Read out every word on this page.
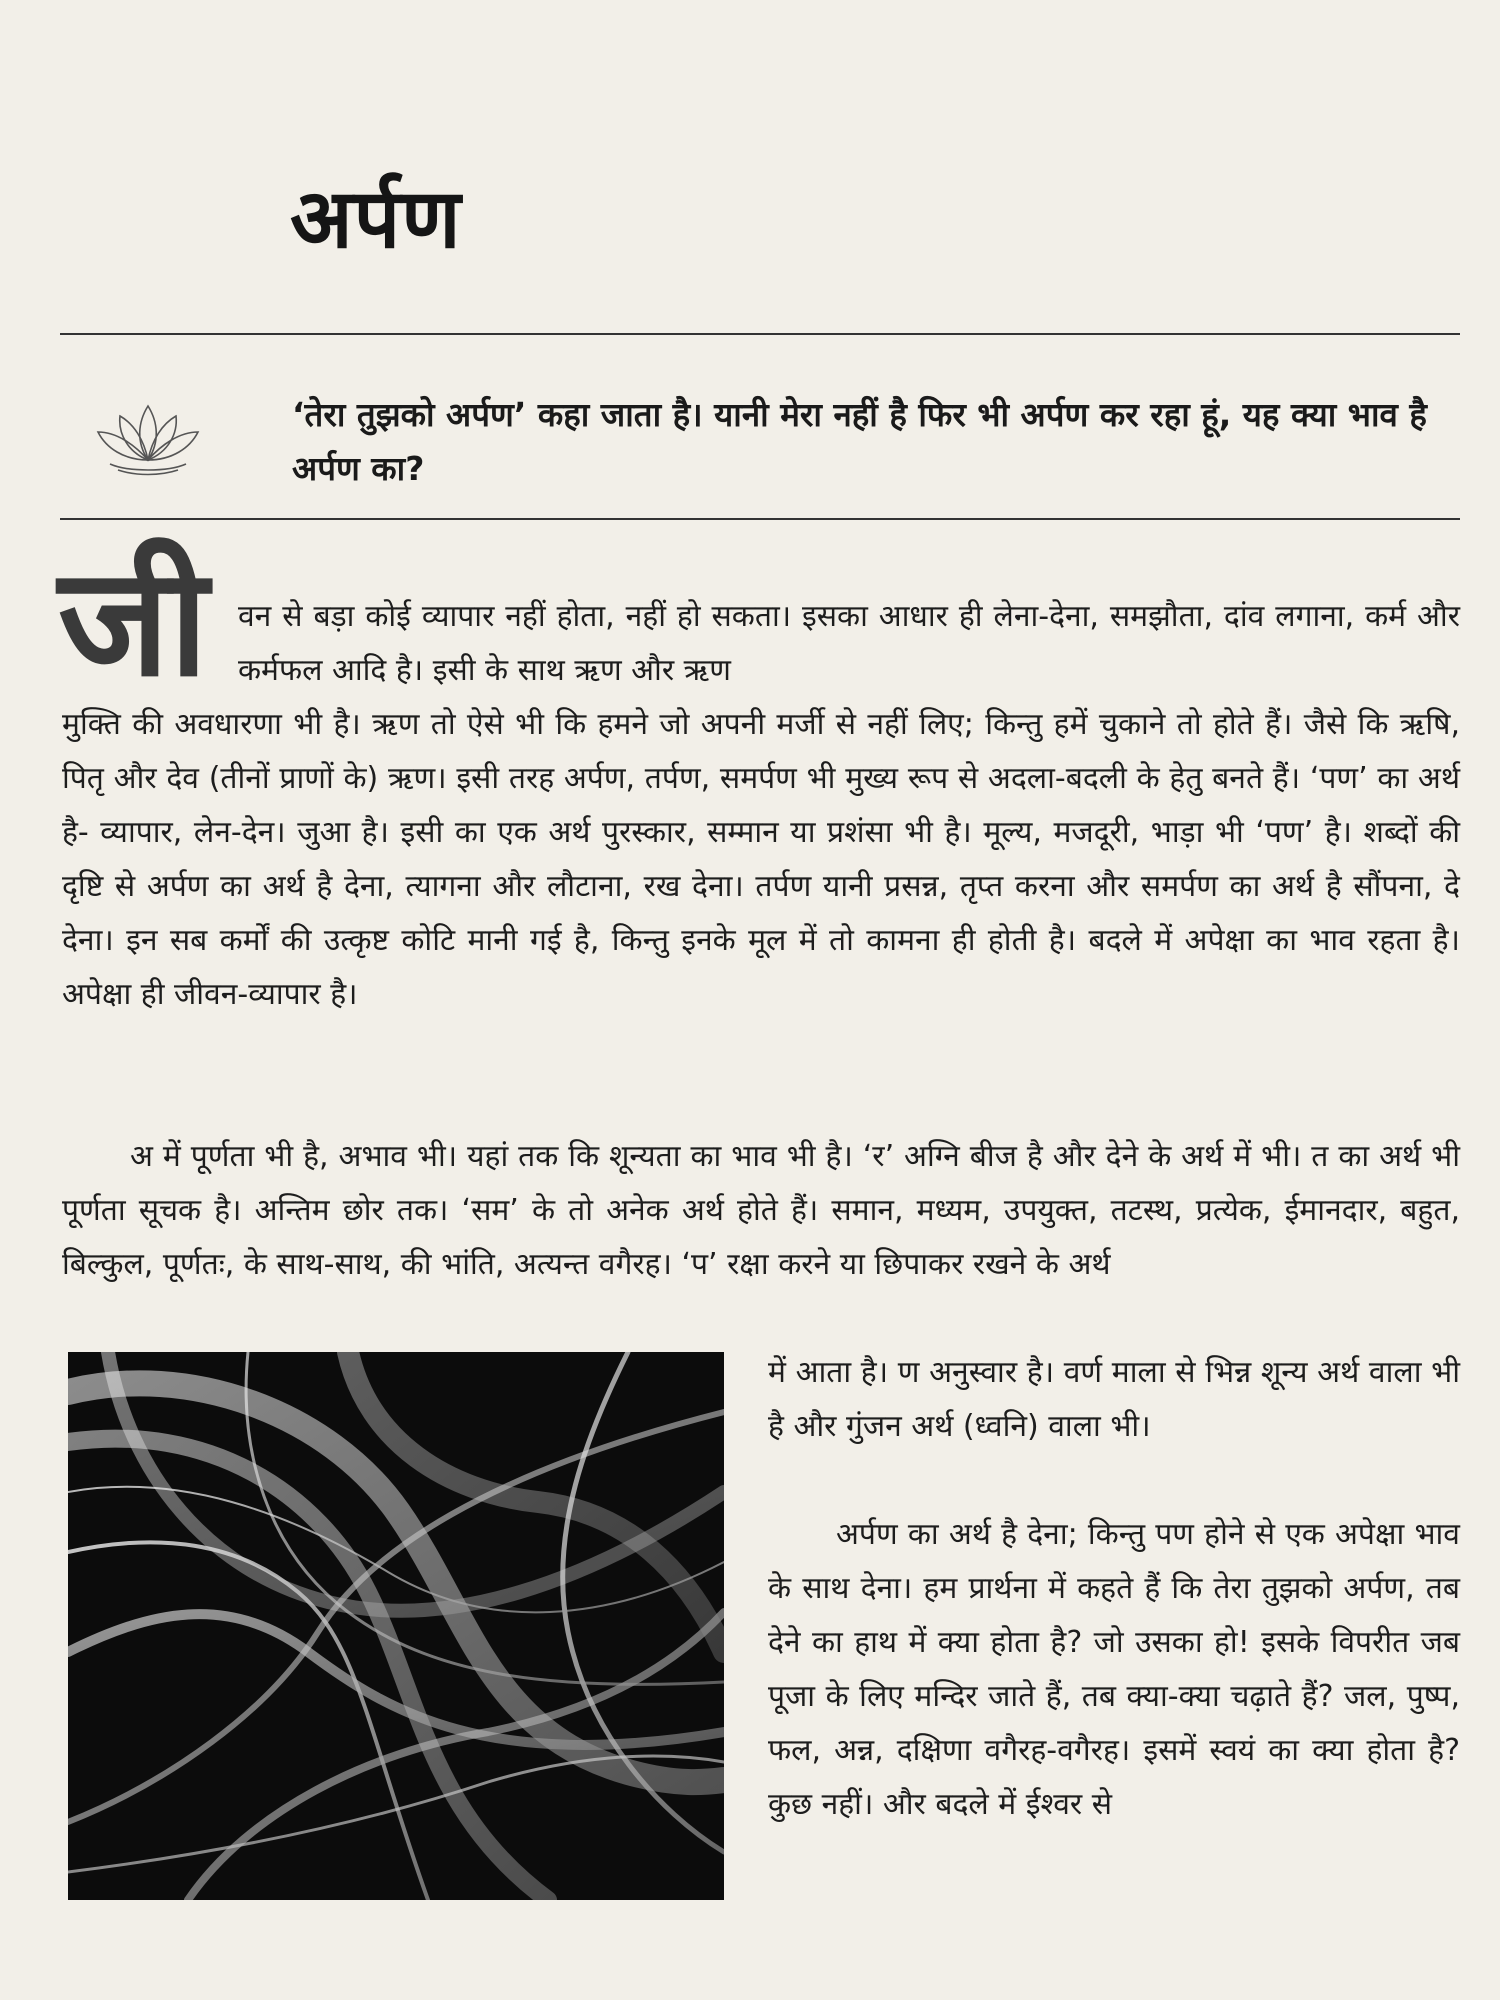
अर्पण
‘तेरा तुझको अर्पण’ कहा जाता है। यानी मेरा नहीं है फिर भी अर्पण कर रहा हूं, यह क्या भाव है अर्पण का?
जी वन से बड़ा कोई व्यापार नहीं होता, नहीं हो सकता। इसका आधार ही लेना-देना, समझौता, दांव लगाना, कर्म और कर्मफल आदि है। इसी के साथ ऋण और ऋण

मुक्ति की अवधारणा भी है। ऋण तो ऐसे भी कि हमने जो अपनी मर्जी से नहीं लिए; किन्तु हमें चुकाने तो होते हैं। जैसे कि ऋषि, पितृ और देव (तीनों प्राणों के) ऋण। इसी तरह अर्पण, तर्पण, समर्पण भी मुख्य रूप से अदला-बदली के हेतु बनते हैं। ‘पण’ का अर्थ है- व्यापार, लेन-देन। जुआ है। इसी का एक अर्थ पुरस्कार, सम्मान या प्रशंसा भी है। मूल्य, मजदूरी, भाड़ा भी ‘पण’ है। शब्दों की दृष्टि से अर्पण का अर्थ है देना, त्यागना और लौटाना, रख देना। तर्पण यानी प्रसन्न, तृप्त करना और समर्पण का अर्थ है सौंपना, दे देना। इन सब कर्मों की उत्कृष्ट कोटि मानी गई है, किन्तु इनके मूल में तो कामना ही होती है। बदले में अपेक्षा का भाव रहता है। अपेक्षा ही जीवन-व्यापार है।

अ में पूर्णता भी है, अभाव भी। यहां तक कि शून्यता का भाव भी है। ‘र’ अग्नि बीज है और देने के अर्थ में भी। त का अर्थ भी पूर्णता सूचक है। अन्तिम छोर तक। ‘सम’ के तो अनेक अर्थ होते हैं। समान, मध्यम, उपयुक्त, तटस्थ, प्रत्येक, ईमानदार, बहुत, बिल्कुल, पूर्णतः, के साथ-साथ, की भांति, अत्यन्त वगैरह। ‘प’ रक्षा करने या छिपाकर रखने के अर्थ

में आता है। ण अनुस्वार है। वर्ण माला से भिन्न शून्य अर्थ वाला भी है और गुंजन अर्थ (ध्वनि) वाला भी।

अर्पण का अर्थ है देना; किन्तु पण होने से एक अपेक्षा भाव के साथ देना। हम प्रार्थना में कहते हैं कि तेरा तुझको अर्पण, तब देने का हाथ में क्या होता है? जो उसका हो! इसके विपरीत जब पूजा के लिए मन्दिर जाते हैं, तब क्या-क्या चढ़ाते हैं? जल, पुष्प, फल, अन्न, दक्षिणा वगैरह-वगैरह। इसमें स्वयं का क्या होता है? कुछ नहीं। और बदले में ईश्वर से
